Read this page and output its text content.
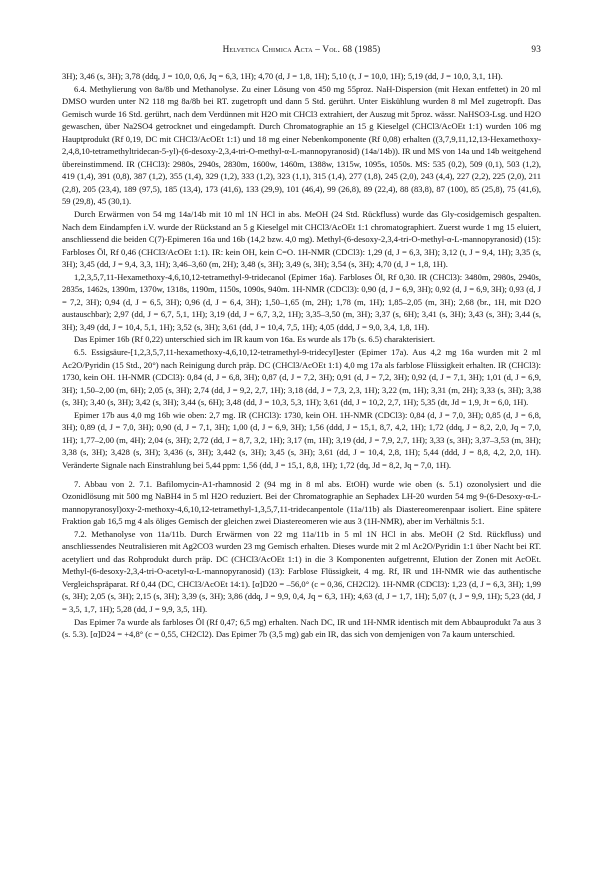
Helvetica Chimica Acta – Vol. 68 (1985)	93

3H); 3,46 (s, 3H); 3,78 (ddq, J = 10,0, 0,6, Jq = 6,3, 1H); 4,70 (d, J = 1,8, 1H); 5,10 (t, J = 10,0, 1H); 5,19 (dd, J = 10,0, 3,1, 1H).

6.4. Methylierung von 8a/8b und Methanolyse. Zu einer Lösung von 450 mg 55proz. NaH-Dispersion (mit Hexan entfettet) in 20 ml DMSO wurden unter N2 118 mg 8a/8b bei RT. zugetropft und dann 5 Std. gerührt. Unter Eiskühlung wurden 8 ml MeI zugetropft. Das Gemisch wurde 16 Std. gerührt, nach dem Verdünnen mit H2O mit CHCl3 extrahiert, der Auszug mit 5proz. wässr. NaHSO3-Lsg. und H2O gewaschen, über Na2SO4 getrocknet und eingedampft. Durch Chromatographie an 15 g Kieselgel (CHCl3/AcOEt 1:1) wurden 106 mg Hauptprodukt (Rf 0,19, DC mit CHCl3/AcOEt 1:1) und 18 mg einer Nebenkomponente (Rf 0,08) erhalten ((3,7,9,11,12,13-Hexamethoxy-2,4,8,10-tetramethyltridecan-5-yl)-(6-desoxy-2,3,4-tri-O-methyl-α-L-mannopyranosid) (14a/14b)). IR und MS von 14a und 14b weitgehend übereinstimmend. IR (CHCl3): 2980s, 2940s, 2830m, 1600w, 1460m, 1388w, 1315w, 1095s, 1050s. MS: 535 (0,2), 509 (0,1), 503 (1,2), 419 (1,4), 391 (0,8), 387 (1,2), 355 (1,4), 329 (1,2), 333 (1,2), 323 (1,1), 315 (1,4), 277 (1,8), 245 (2,0), 243 (4,4), 227 (2,2), 225 (2,0), 211 (2,8), 205 (23,4), 189 (97,5), 185 (13,4), 173 (41,6), 133 (29,9), 101 (46,4), 99 (26,8), 89 (22,4), 88 (83,8), 87 (100), 85 (25,8), 75 (41,6), 59 (29,8), 45 (30,1).

Durch Erwärmen von 54 mg 14a/14b mit 10 ml 1N HCl in abs. MeOH (24 Std. Rückfluss) wurde das Gly-cosidgemisch gespalten. Nach dem Eindampfen i.V. wurde der Rückstand an 5 g Kieselgel mit CHCl3/AcOEt 1:1 chromatographiert. Zuerst wurde 1 mg 15 eluiert, anschliessend die beiden C(7)-Epimeren 16a und 16b (14,2 bzw. 4,0 mg). Methyl-(6-desoxy-2,3,4-tri-O-methyl-α-L-mannopyranosid) (15): Farbloses Öl, Rf 0,46 (CHCl3/AcOEt 1:1). IR: kein OH, kein C=O. 1H-NMR (CDCl3): 1,29 (d, J = 6,3, 3H); 3,12 (t, J = 9,4, 1H); 3,35 (s, 3H); 3,45 (dd, J = 9,4, 3,3, 1H); 3,46–3,60 (m, 2H); 3,48 (s, 3H); 3,49 (s, 3H); 3,54 (s, 3H); 4,70 (d, J = 1,8, 1H).

1,2,3,5,7,11-Hexamethoxy-4,6,10,12-tetramethyl-9-tridecanol (Epimer 16a). Farbloses Öl, Rf 0,30. IR (CHCl3): 3480m, 2980s, 2940s, 2835s, 1462s, 1390m, 1370w, 1318s, 1190m, 1150s, 1090s, 940m. 1H-NMR (CDCl3): 0,90 (d, J = 6,9, 3H); 0,92 (d, J = 6,9, 3H); 0,93 (d, J = 7,2, 3H); 0,94 (d, J = 6,5, 3H); 0,96 (d, J = 6,4, 3H); 1,50–1,65 (m, 2H); 1,78 (m, 1H); 1,85–2,05 (m, 3H); 2,68 (br., 1H, mit D2O austauschbar); 2,97 (dd, J = 6,7, 5,1, 1H); 3,19 (dd, J = 6,7, 3,2, 1H); 3,35–3,50 (m, 3H); 3,37 (s, 6H); 3,41 (s, 3H); 3,43 (s, 3H); 3,44 (s, 3H); 3,49 (dd, J = 10,4, 5,1, 1H); 3,52 (s, 3H); 3,61 (dd, J = 10,4, 7,5, 1H); 4,05 (ddd, J = 9,0, 3,4, 1,8, 1H).

Das Epimer 16b (Rf 0,22) unterschied sich im IR kaum von 16a. Es wurde als 17b (s. 6.5) charakterisiert.

6.5. Essigsäure-[1,2,3,5,7,11-hexamethoxy-4,6,10,12-tetramethyl-9-tridecyl]ester (Epimer 17a). Aus 4,2 mg 16a wurden mit 2 ml Ac2O/Pyridin (15 Std., 20°) nach Reinigung durch präp. DC (CHCl3/AcOEt 1:1) 4,0 mg 17a als farblose Flüssigkeit erhalten. IR (CHCl3): 1730, kein OH. 1H-NMR (CDCl3): 0,84 (d, J = 6,8, 3H); 0,87 (d, J = 7,2, 3H); 0,91 (d, J = 7,2, 3H); 0,92 (d, J = 7,1, 3H); 1,01 (d, J = 6,9, 3H); 1,50–2,00 (m, 6H); 2,05 (s, 3H); 2,74 (dd, J = 9,2, 2,7, 1H); 3,18 (dd, J = 7,3, 2,3, 1H); 3,22 (m, 1H); 3,31 (m, 2H); 3,33 (s, 3H); 3,38 (s, 3H); 3,40 (s, 3H); 3,42 (s, 3H); 3,44 (s, 6H); 3,48 (dd, J = 10,3, 5,3, 1H); 3,61 (dd, J = 10,2, 2,7, 1H); 5,35 (dt, Jd = 1,9, Jt = 6,0, 1H).

Epimer 17b aus 4,0 mg 16b wie oben: 2,7 mg. IR (CHCl3): 1730, kein OH. 1H-NMR (CDCl3): 0,84 (d, J = 7,0, 3H); 0,85 (d, J = 6,8, 3H); 0,89 (d, J = 7,0, 3H); 0,90 (d, J = 7,1, 3H); 1,00 (d, J = 6,9, 3H); 1,56 (ddd, J = 15,1, 8,7, 4,2, 1H); 1,72 (ddq, J = 8,2, 2,0, Jq = 7,0, 1H); 1,77–2,00 (m, 4H); 2,04 (s, 3H); 2,72 (dd, J = 8,7, 3,2, 1H); 3,17 (m, 1H); 3,19 (dd, J = 7,9, 2,7, 1H); 3,33 (s, 3H); 3,37–3,53 (m, 3H); 3,38 (s, 3H); 3,428 (s, 3H); 3,436 (s, 3H); 3,442 (s, 3H); 3,45 (s, 3H); 3,61 (dd, J = 10,4, 2,8, 1H); 5,44 (ddd, J = 8,8, 4,2, 2,0, 1H). Veränderte Signale nach Einstrahlung bei 5,44 ppm: 1,56 (dd, J = 15,1, 8,8, 1H); 1,72 (dq, Jd = 8,2, Jq = 7,0, 1H).

7. Abbau von 2. 7.1. Bafilomycin-A1-rhamnosid 2 (94 mg in 8 ml abs. EtOH) wurde wie oben (s. 5.1) ozonolysiert und die Ozonidlösung mit 500 mg NaBH4 in 5 ml H2O reduziert. Bei der Chromatographie an Sephadex LH-20 wurden 54 mg 9-(6-Desoxy-α-L-mannopyranosyl)oxy-2-methoxy-4,6,10,12-tetramethyl-1,3,5,7,11-tridecanpentole (11a/11b) als Diastereomerenpaar isoliert. Eine spätere Fraktion gab 16,5 mg 4 als öliges Gemisch der gleichen zwei Diastereomeren wie aus 3 (1H-NMR), aber im Verhältnis 5:1.

7.2. Methanolyse von 11a/11b. Durch Erwärmen von 22 mg 11a/11b in 5 ml 1N HCl in abs. MeOH (2 Std. Rückfluss) und anschliessendes Neutralisieren mit Ag2CO3 wurden 23 mg Gemisch erhalten. Dieses wurde mit 2 ml Ac2O/Pyridin 1:1 über Nacht bei RT. acetyliert und das Rohprodukt durch präp. DC (CHCl3/AcOEt 1:1) in die 3 Komponenten aufgetrennt, Elution der Zonen mit AcOEt. Methyl-(6-desoxy-2,3,4-tri-O-acetyl-α-L-mannopyranosid) (13): Farblose Flüssigkeit, 4 mg. Rf, IR und 1H-NMR wie das authentische Vergleichspräparat. Rf 0,44 (DC, CHCl3/AcOEt 14:1). [α]D20 = –56,0° (c = 0,36, CH2Cl2). 1H-NMR (CDCl3): 1,23 (d, J = 6,3, 3H); 1,99 (s, 3H); 2,05 (s, 3H); 2,15 (s, 3H); 3,39 (s, 3H); 3,86 (ddq, J = 9,9, 0,4, Jq = 6,3, 1H); 4,63 (d, J = 1,7, 1H); 5,07 (t, J = 9,9, 1H); 5,23 (dd, J = 3,5, 1,7, 1H); 5,28 (dd, J = 9,9, 3,5, 1H).

Das Epimer 7a wurde als farbloses Öl (Rf 0,47; 6,5 mg) erhalten. Nach DC, IR und 1H-NMR identisch mit dem Abbauprodukt 7a aus 3 (s. 5.3). [α]D24 = +4,8° (c = 0,55, CH2Cl2). Das Epimer 7b (3,5 mg) gab ein IR, das sich von demjenigen von 7a kaum unterschied.
